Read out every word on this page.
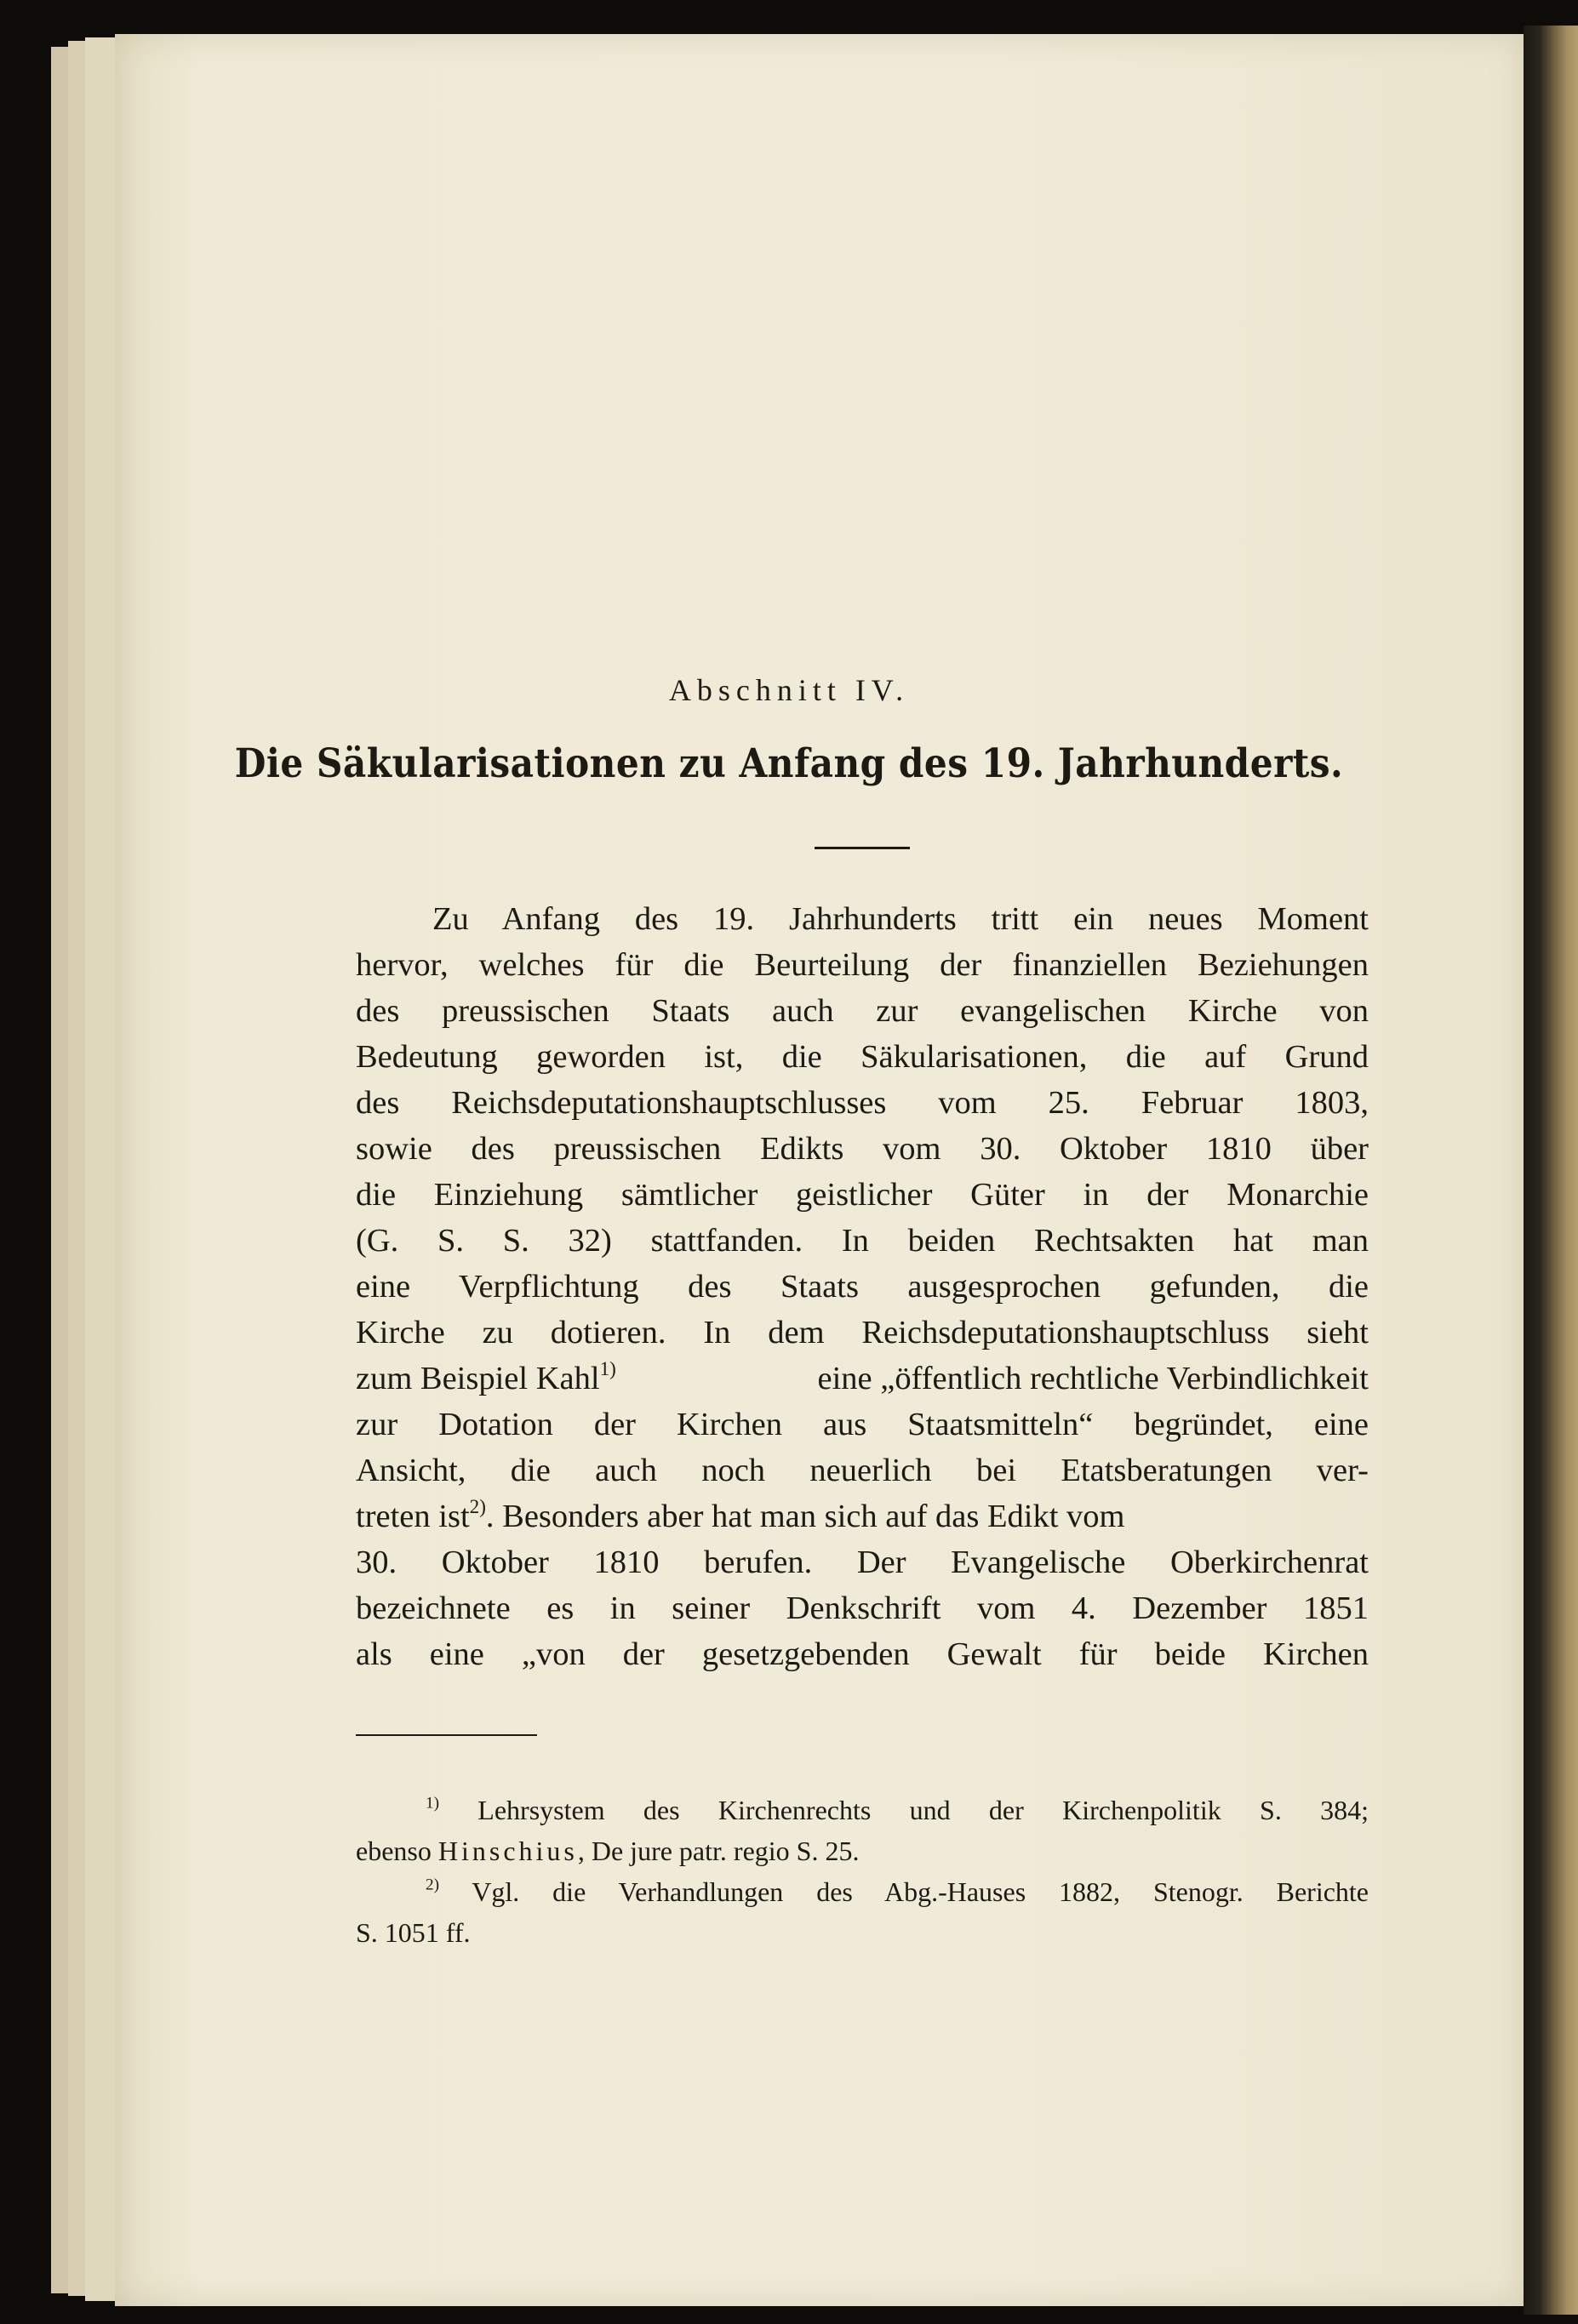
Abschnitt IV.
Die Säkularisationen zu Anfang des 19. Jahrhunderts.
Zu Anfang des 19. Jahrhunderts tritt ein neues Moment
hervor, welches für die Beurteilung der finanziellen Beziehungen
des preussischen Staats auch zur evangelischen Kirche von
Bedeutung geworden ist, die Säkularisationen, die auf Grund
des Reichsdeputationshauptschlusses vom 25. Februar 1803,
sowie des preussischen Edikts vom 30. Oktober 1810 über
die Einziehung sämtlicher geistlicher Güter in der Monarchie
(G. S. S. 32) stattfanden. In beiden Rechtsakten hat man
eine Verpflichtung des Staats ausgesprochen gefunden, die
Kirche zu dotieren. In dem Reichsdeputationshauptschluss sieht
zum Beispiel Kahl$^{1)}$	eine „öffentlich rechtliche Verbindlichkeit
zur Dotation der Kirchen aus Staatsmitteln“ begründet, eine
Ansicht, die auch noch neuerlich bei Etatsberatungen ver-
treten ist$^{2)}$. Besonders aber hat man sich auf das Edikt vom
30. Oktober 1810 berufen. Der Evangelische Oberkirchenrat
bezeichnete es in seiner Denkschrift vom 4. Dezember 1851
als eine „von der gesetzgebenden Gewalt für beide Kirchen
$^{1)}$ Lehrsystem des Kirchenrechts und der Kirchenpolitik S. 384;
ebenso Hinschius, De jure patr. regio S. 25.
$^{2)}$ Vgl. die Verhandlungen des Abg.-Hauses 1882, Stenogr. Berichte
S. 1051 ff.
